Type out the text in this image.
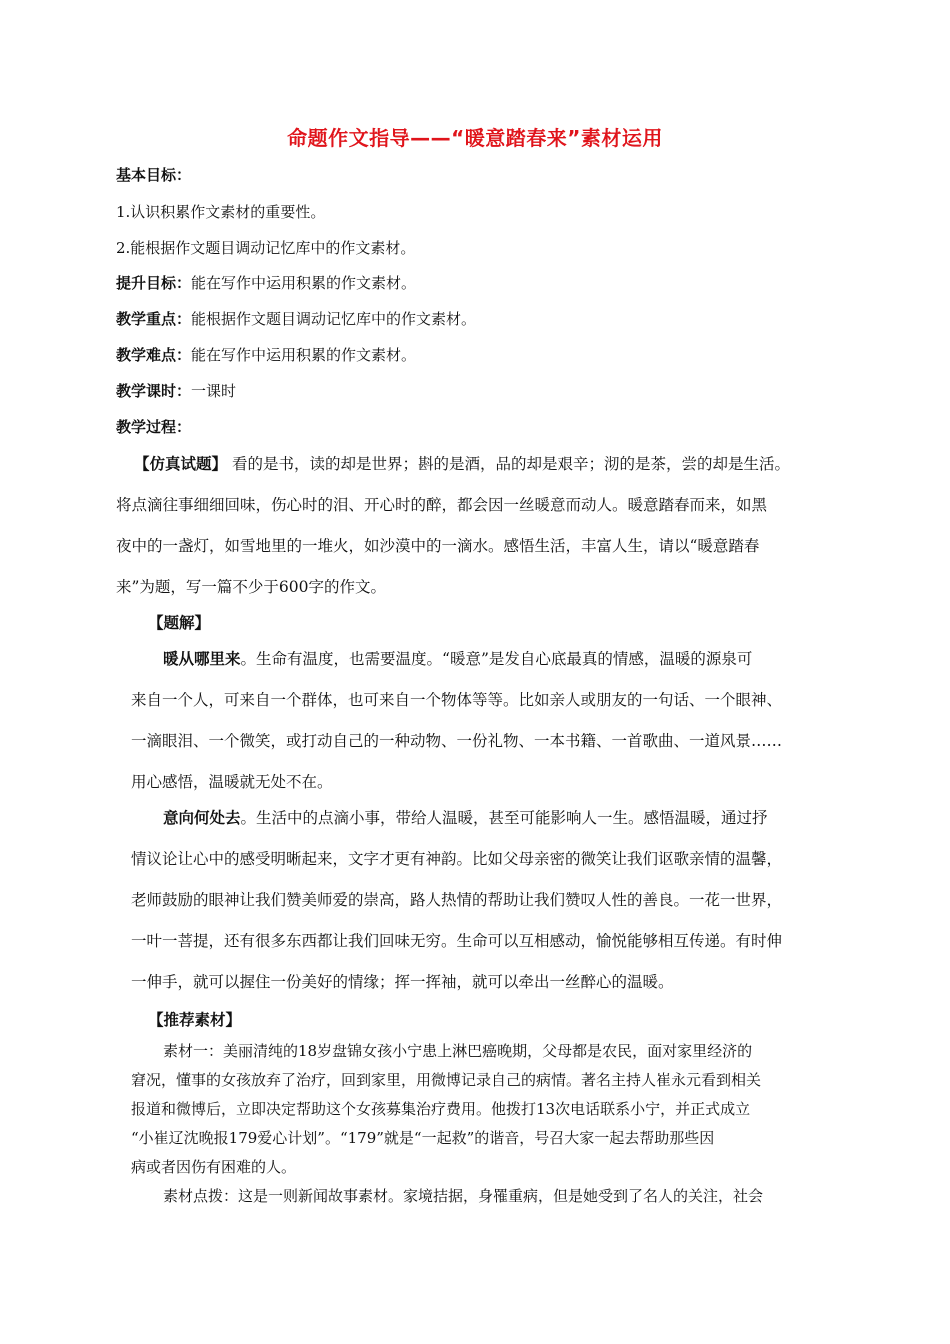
命题作文指导——“暖意踏春来”素材运用
基本目标：
1.认识积累作文素材的重要性。
2.能根据作文题目调动记忆库中的作文素材。
提升目标：能在写作中运用积累的作文素材。
教学重点：能根据作文题目调动记忆库中的作文素材。
教学难点：能在写作中运用积累的作文素材。
教学课时：一课时
教学过程：
【仿真试题】 看的是书，读的却是世界；斟的是酒，品的却是艰辛；沏的是茶，尝的却是生活。
将点滴往事细细回味，伤心时的泪、开心时的醉，都会因一丝暖意而动人。暖意踏春而来，如黑
夜中的一盏灯，如雪地里的一堆火，如沙漠中的一滴水。感悟生活，丰富人生，请以“暖意踏春
来”为题，写一篇不少于600字的作文。
【题解】
暖从哪里来。生命有温度，也需要温度。“暖意”是发自心底最真的情感，温暖的源泉可
来自一个人，可来自一个群体，也可来自一个物体等等。比如亲人或朋友的一句话、一个眼神、
一滴眼泪、一个微笑，或打动自己的一种动物、一份礼物、一本书籍、一首歌曲、一道风景……
用心感悟，温暖就无处不在。
意向何处去。生活中的点滴小事，带给人温暖，甚至可能影响人一生。感悟温暖，通过抒
情议论让心中的感受明晰起来，文字才更有神韵。比如父母亲密的微笑让我们讴歌亲情的温馨，
老师鼓励的眼神让我们赞美师爱的崇高，路人热情的帮助让我们赞叹人性的善良。一花一世界，
一叶一菩提，还有很多东西都让我们回味无穷。生命可以互相感动，愉悦能够相互传递。有时伸
一伸手，就可以握住一份美好的情缘；挥一挥袖，就可以牵出一丝醉心的温暖。
【推荐素材】
素材一：美丽清纯的18岁盘锦女孩小宁患上淋巴癌晚期，父母都是农民，面对家里经济的
窘况，懂事的女孩放弃了治疗，回到家里，用微博记录自己的病情。著名主持人崔永元看到相关
报道和微博后，立即决定帮助这个女孩募集治疗费用。他拨打13次电话联系小宁，并正式成立
“小崔辽沈晚报179爱心计划”。“179”就是“一起救”的谐音，号召大家一起去帮助那些因
病或者因伤有困难的人。
素材点拨：这是一则新闻故事素材。家境拮据，身罹重病，但是她受到了名人的关注，社会
